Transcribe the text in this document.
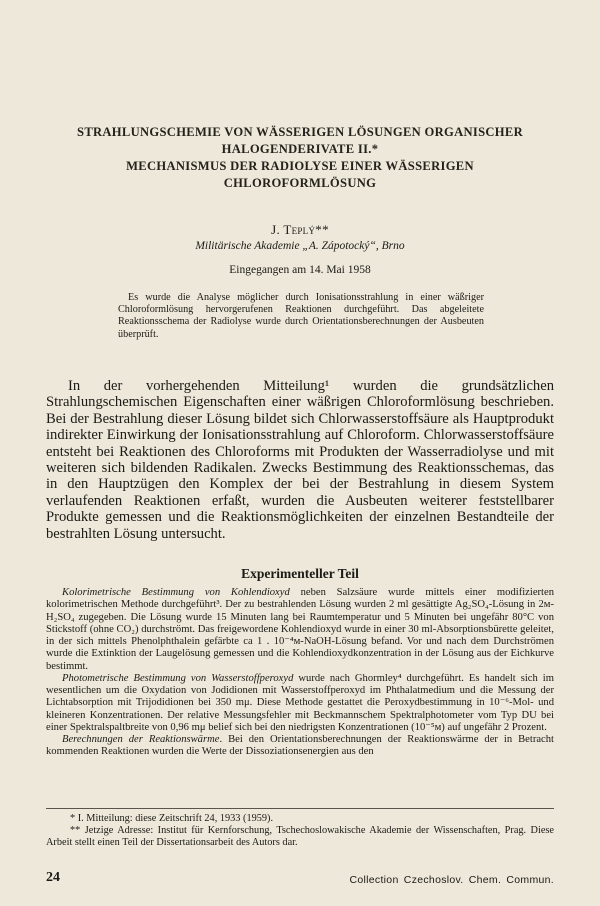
STRAHLUNGSCHEMIE VON WÄSSERIGEN LÖSUNGEN ORGANISCHER
HALOGENDERIVATE II.*
MECHANISMUS DER RADIOLYSE EINER WÄSSERIGEN
CHLOROFORMLÖSUNG
J. Teplý**
Militärische Akademie „A. Zápotocký“, Brno
Eingegangen am 14. Mai 1958
Es wurde die Analyse möglicher durch Ionisationsstrahlung in einer wäßriger Chloroformlösung hervorgerufenen Reaktionen durchgeführt. Das abgeleitete Reaktionsschema der Radiolyse wurde durch Orientationsberechnungen der Ausbeuten überprüft.
In der vorhergehenden Mitteilung¹ wurden die grundsätzlichen Strahlungschemischen Eigenschaften einer wäßrigen Chloroformlösung beschrieben. Bei der Bestrahlung dieser Lösung bildet sich Chlorwasserstoffsäure als Hauptprodukt indirekter Einwirkung der Ionisationsstrahlung auf Chloroform. Chlorwasserstoffsäure entsteht bei Reaktionen des Chloroforms mit Produkten der Wasserradiolyse und mit weiteren sich bildenden Radikalen. Zwecks Bestimmung des Reaktionsschemas, das in den Hauptzügen den Komplex der bei der Bestrahlung in diesem System verlaufenden Reaktionen erfaßt, wurden die Ausbeuten weiterer feststellbarer Produkte gemessen und die Reaktionsmöglichkeiten der einzelnen Bestandteile der bestrahlten Lösung untersucht.
Experimenteller Teil

Kolorimetrische Bestimmung von Kohlendioxyd neben Salzsäure wurde mittels einer modifizierten kolorimetrischen Methode durchgeführt³. Der zu bestrahlenden Lösung wurden 2 ml gesättigte Ag₂SO₄-Lösung in 2м-H₂SO₄ zugegeben. Die Lösung wurde 15 Minuten lang bei Raumtemperatur und 5 Minuten bei ungefähr 80°C von Stickstoff (ohne CO₂) durchströmt. Das freigewordene Kohlendioxyd wurde in einer 30 ml-Absorptionsbürette geleitet, in der sich mittels Phenolphthalein gefärbte ca 1 . 10⁻⁴м-NaOH-Lösung befand. Vor und nach dem Durchströmen wurde die Extinktion der Laugelösung gemessen und die Kohlendioxydkonzentration in der Lösung aus der Eichkurve bestimmt.

Photometrische Bestimmung von Wasserstoffperoxyd wurde nach Ghormley⁴ durchgeführt. Es handelt sich im wesentlichen um die Oxydation von Jodidionen mit Wasserstoffperoxyd im Phthalatmedium und die Messung der Lichtabsorption mit Trijodidionen bei 350 mμ. Diese Methode gestattet die Peroxydbestimmung in 10⁻⁶-Mol- und kleineren Konzentrationen. Der relative Messungsfehler mit Beckmannschem Spektralphotometer vom Typ DU bei einer Spektralspaltbreite von 0,96 mμ belief sich bei den niedrigsten Konzentrationen (10⁻⁵м) auf ungefähr 2 Prozent.

Berechnungen der Reaktionswärme. Bei den Orientationsberechnungen der Reaktionswärme der in Betracht kommenden Reaktionen wurden die Werte der Dissoziationsenergien aus den

* I. Mitteilung: diese Zeitschrift 24, 1933 (1959).

** Jetzige Adresse: Institut für Kernforschung, Tschechoslowakische Akademie der Wissenschaften, Prag. Diese Arbeit stellt einen Teil der Dissertationsarbeit des Autors dar.

24	Collection Czechoslov. Chem. Commun.
